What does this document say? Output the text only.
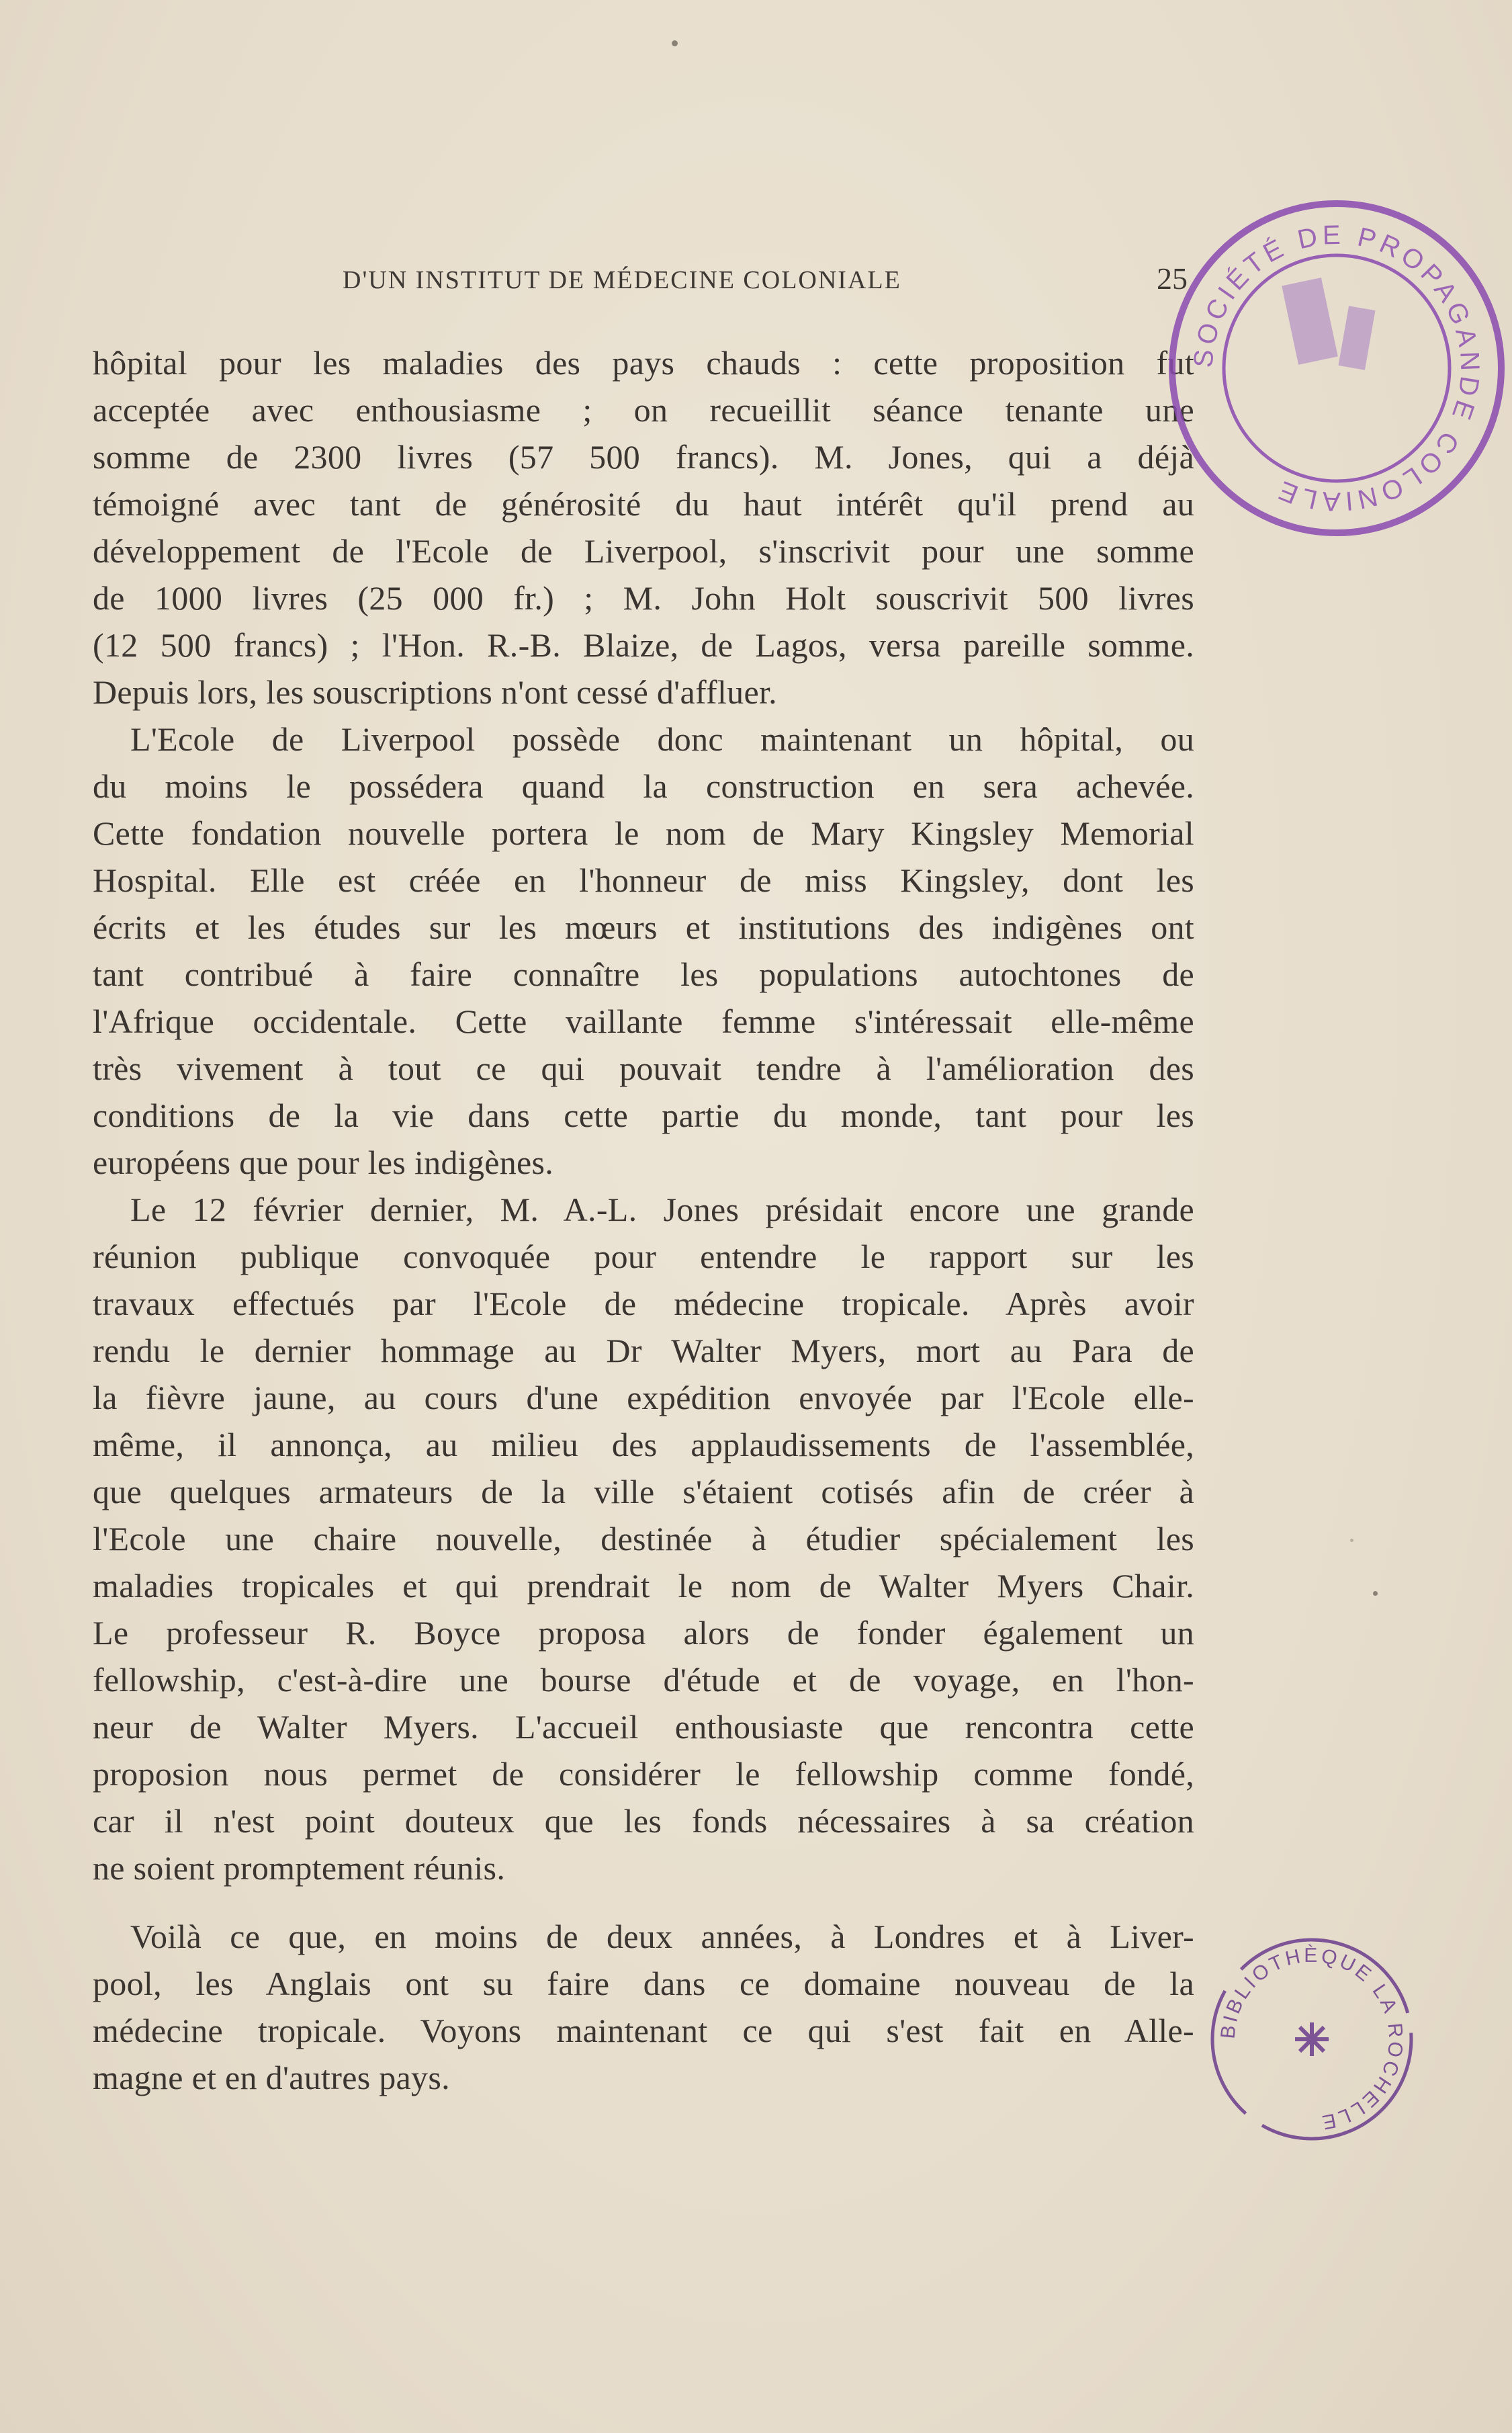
D'UN INSTITUT DE MÉDECINE COLONIALE	25
hôpital pour les maladies des pays chauds : cette proposition fut
acceptée avec enthousiasme ; on recueillit séance tenante une
somme de 2300 livres (57 500 francs). M. Jones, qui a déjà
témoigné avec tant de générosité du haut intérêt qu'il prend au
développement de l'Ecole de Liverpool, s'inscrivit pour une somme
de 1000 livres (25 000 fr.) ; M. John Holt souscrivit 500 livres
(12 500 francs) ; l'Hon. R.-B. Blaize, de Lagos, versa pareille somme.
Depuis lors, les souscriptions n'ont cessé d'affluer.
L'Ecole de Liverpool possède donc maintenant un hôpital, ou
du moins le possédera quand la construction en sera achevée.
Cette fondation nouvelle portera le nom de Mary Kingsley Memorial
Hospital. Elle est créée en l'honneur de miss Kingsley, dont les
écrits et les études sur les mœurs et institutions des indigènes ont
tant contribué à faire connaître les populations autochtones de
l'Afrique occidentale. Cette vaillante femme s'intéressait elle-même
très vivement à tout ce qui pouvait tendre à l'amélioration des
conditions de la vie dans cette partie du monde, tant pour les
européens que pour les indigènes.
Le 12 février dernier, M. A.-L. Jones présidait encore une grande
réunion publique convoquée pour entendre le rapport sur les
travaux effectués par l'Ecole de médecine tropicale. Après avoir
rendu le dernier hommage au Dr Walter Myers, mort au Para de
la fièvre jaune, au cours d'une expédition envoyée par l'Ecole elle-
même, il annonça, au milieu des applaudissements de l'assemblée,
que quelques armateurs de la ville s'étaient cotisés afin de créer à
l'Ecole une chaire nouvelle, destinée à étudier spécialement les
maladies tropicales et qui prendrait le nom de Walter Myers Chair.
Le professeur R. Boyce proposa alors de fonder également un
fellowship, c'est-à-dire une bourse d'étude et de voyage, en l'hon-
neur de Walter Myers. L'accueil enthousiaste que rencontra cette
proposion nous permet de considérer le fellowship comme fondé,
car il n'est point douteux que les fonds nécessaires à sa création
ne soient promptement réunis.
Voilà ce que, en moins de deux années, à Londres et à Liver-
pool, les Anglais ont su faire dans ce domaine nouveau de la
médecine tropicale. Voyons maintenant ce qui s'est fait en Alle-
magne et en d'autres pays.
SOCIÉTÉ DE PROPAGANDE COLONIALE
BIBLIOTHÈQUE LA ROCHELLE
